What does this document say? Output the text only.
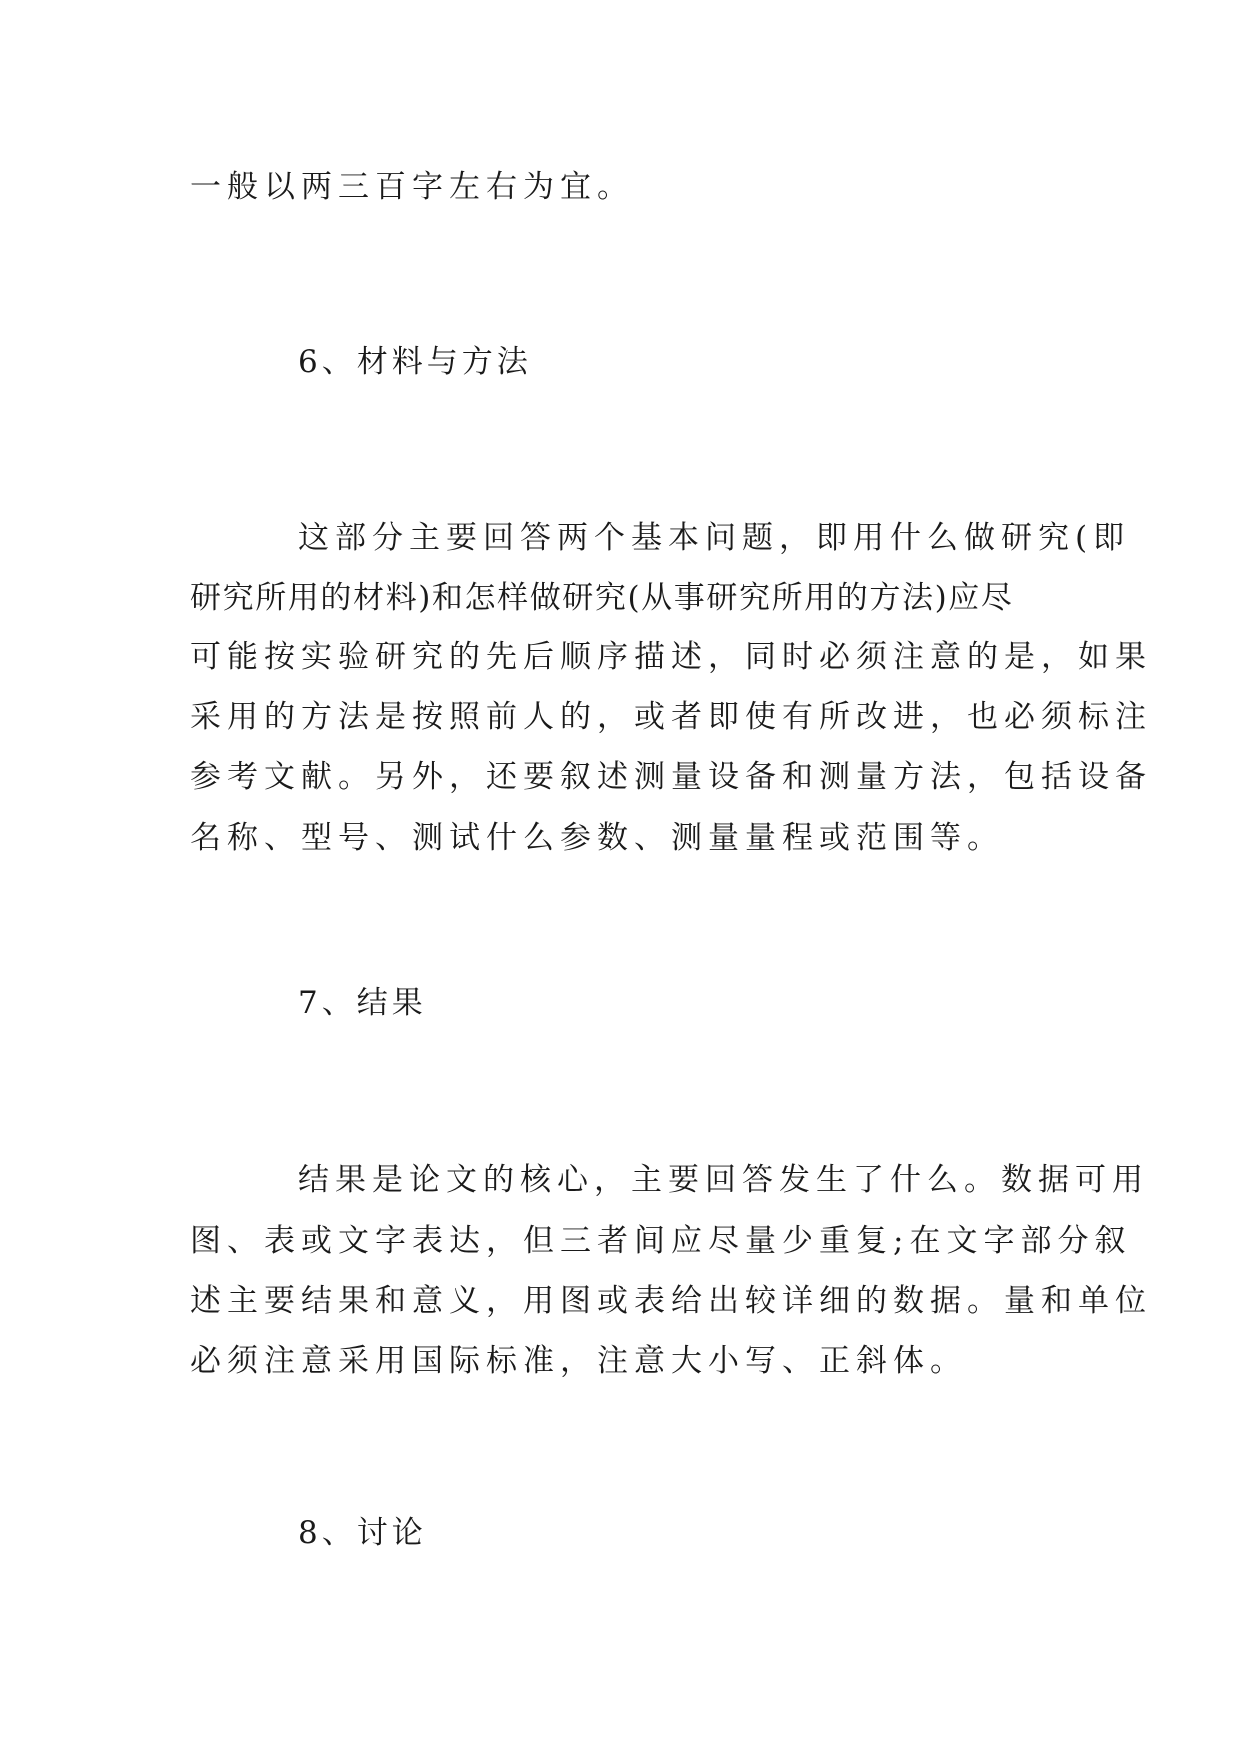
一般以两三百字左右为宜。
6、材料与方法
这部分主要回答两个基本问题，即用什么做研究(即
研究所用的材料)和怎样做研究(从事研究所用的方法)应尽
可能按实验研究的先后顺序描述，同时必须注意的是，如果
采用的方法是按照前人的，或者即使有所改进，也必须标注
参考文献。另外，还要叙述测量设备和测量方法，包括设备
名称、型号、测试什么参数、测量量程或范围等。
7、结果
结果是论文的核心，主要回答发生了什么。数据可用
图、表或文字表达，但三者间应尽量少重复;在文字部分叙
述主要结果和意义，用图或表给出较详细的数据。量和单位
必须注意采用国际标准，注意大小写、正斜体。
8、讨论
